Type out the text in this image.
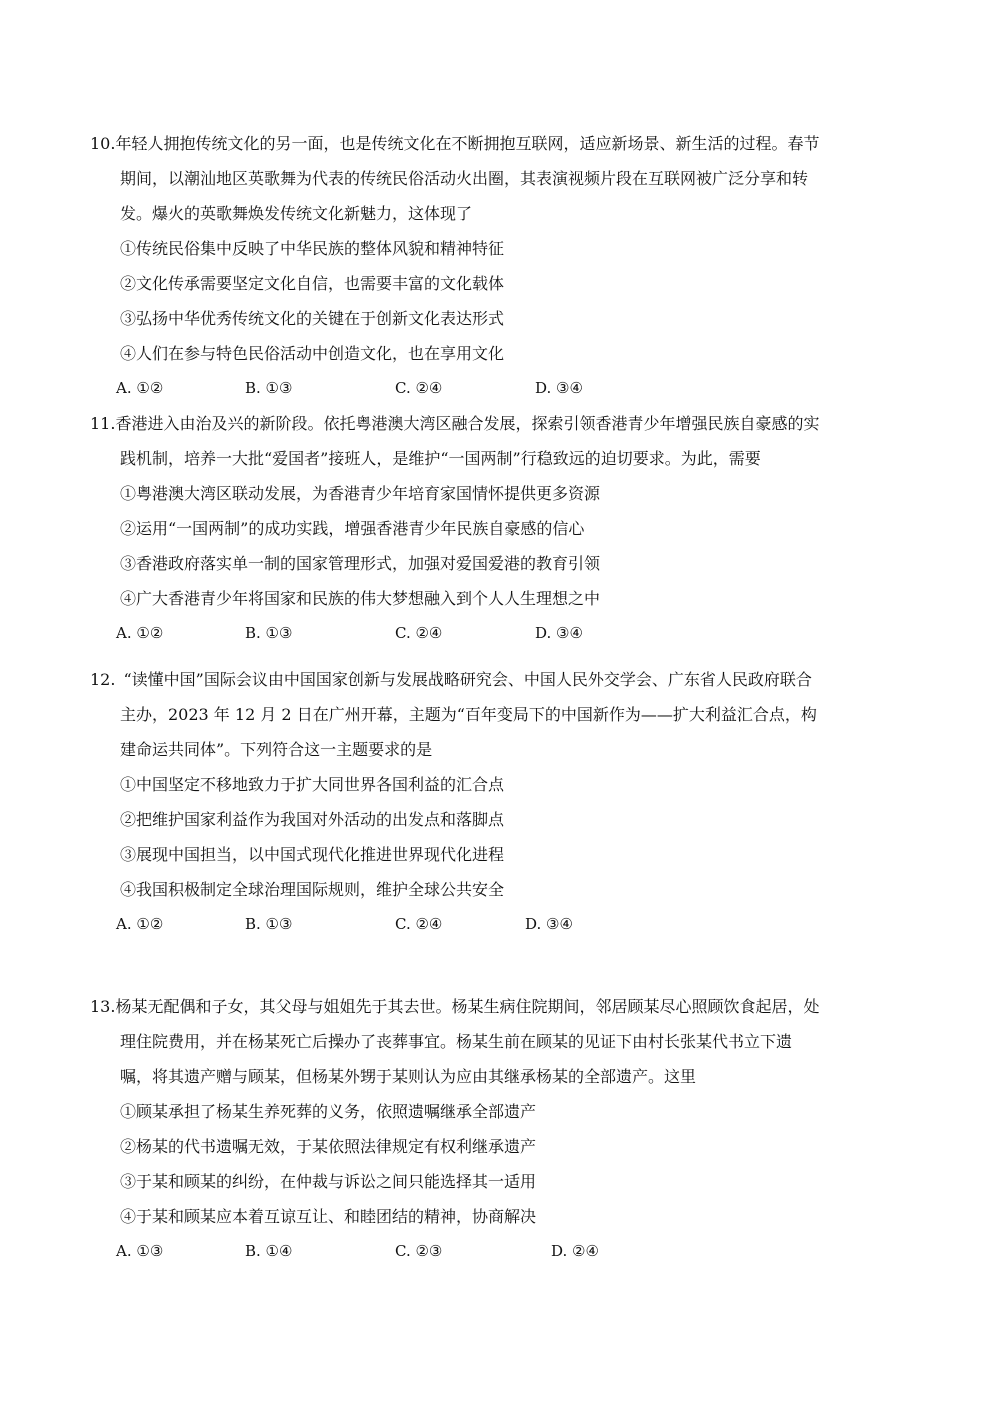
10.年轻人拥抱传统文化的另一面，也是传统文化在不断拥抱互联网，适应新场景、新生活的过程。春节
期间，以潮汕地区英歌舞为代表的传统民俗活动火出圈，其表演视频片段在互联网被广泛分享和转
发。爆火的英歌舞焕发传统文化新魅力，这体现了
①传统民俗集中反映了中华民族的整体风貌和精神特征
②文化传承需要坚定文化自信，也需要丰富的文化载体
③弘扬中华优秀传统文化的关键在于创新文化表达形式
④人们在参与特色民俗活动中创造文化，也在享用文化
A. ①②	B. ①③	C. ②④	D. ③④
11.香港进入由治及兴的新阶段。依托粤港澳大湾区融合发展，探索引领香港青少年增强民族自豪感的实
践机制，培养一大批“爱国者”接班人，是维护“一国两制”行稳致远的迫切要求。为此，需要
①粤港澳大湾区联动发展，为香港青少年培育家国情怀提供更多资源
②运用“一国两制”的成功实践，增强香港青少年民族自豪感的信心
③香港政府落实单一制的国家管理形式，加强对爱国爱港的教育引领
④广大香港青少年将国家和民族的伟大梦想融入到个人人生理想之中
A. ①②	B. ①③	C. ②④	D. ③④
12. “读懂中国”国际会议由中国国家创新与发展战略研究会、中国人民外交学会、广东省人民政府联合
主办，2023 年 12 月 2 日在广州开幕，主题为“百年变局下的中国新作为——扩大利益汇合点，构
建命运共同体”。下列符合这一主题要求的是
①中国坚定不移地致力于扩大同世界各国利益的汇合点
②把维护国家利益作为我国对外活动的出发点和落脚点
③展现中国担当，以中国式现代化推进世界现代化进程
④我国积极制定全球治理国际规则，维护全球公共安全
A. ①②	B. ①③	C. ②④	D. ③④
13.杨某无配偶和子女，其父母与姐姐先于其去世。杨某生病住院期间，邻居顾某尽心照顾饮食起居，处
理住院费用，并在杨某死亡后操办了丧葬事宜。杨某生前在顾某的见证下由村长张某代书立下遗
嘱，将其遗产赠与顾某，但杨某外甥于某则认为应由其继承杨某的全部遗产。这里
①顾某承担了杨某生养死葬的义务，依照遗嘱继承全部遗产
②杨某的代书遗嘱无效，于某依照法律规定有权利继承遗产
③于某和顾某的纠纷，在仲裁与诉讼之间只能选择其一适用
④于某和顾某应本着互谅互让、和睦团结的精神，协商解决
A. ①③	B. ①④	C. ②③	D. ②④
